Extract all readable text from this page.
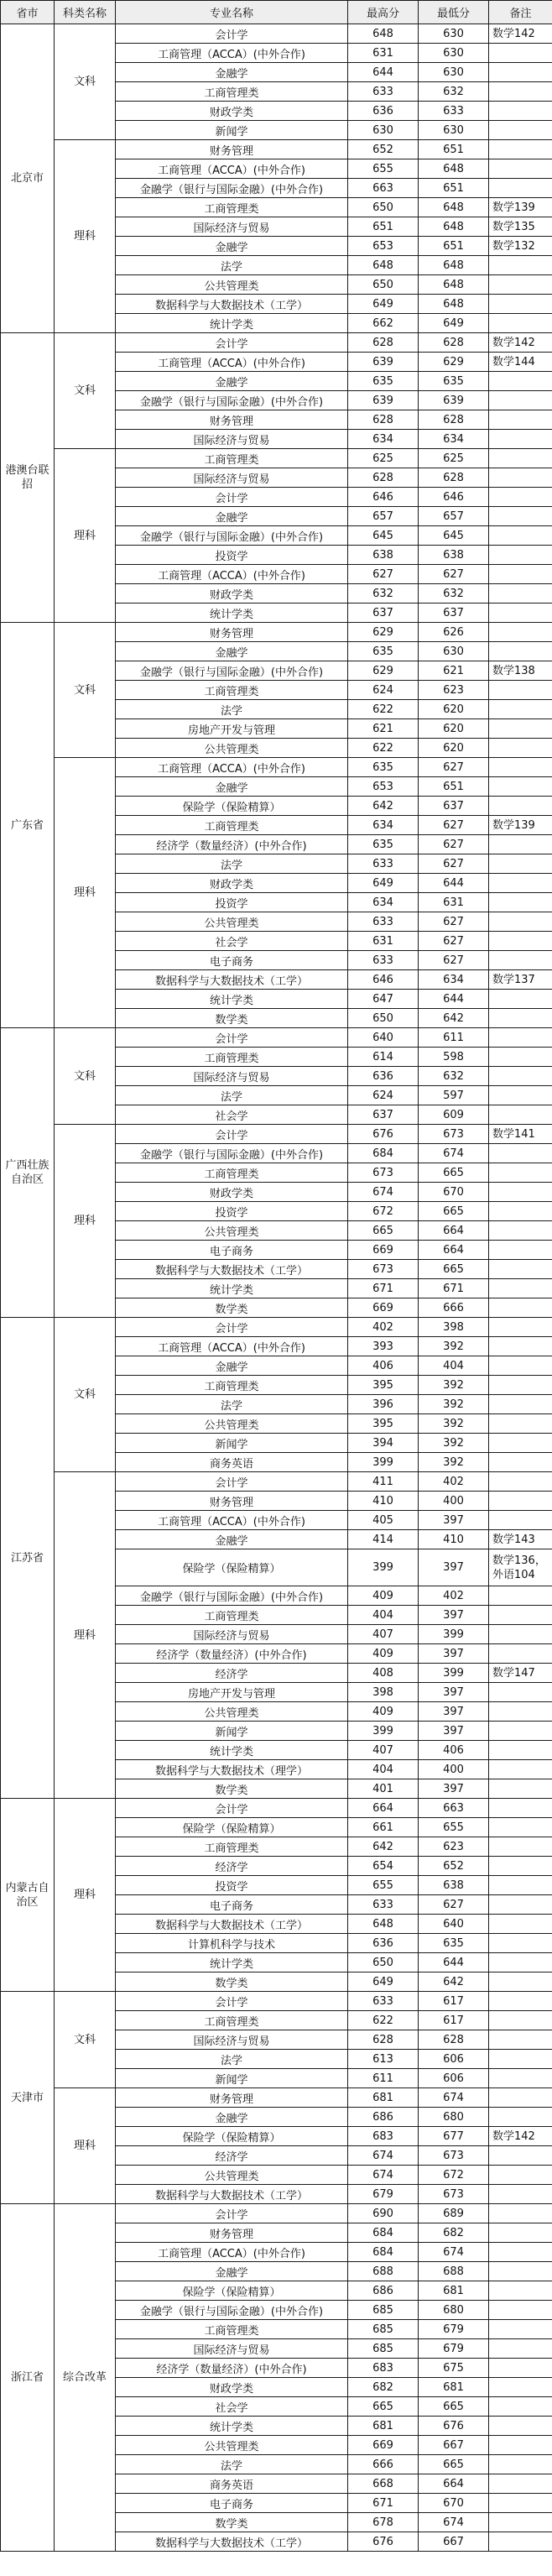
省市	科类名称	专业名称	最高分	最低分	备注
北京市	文科	会计学	648	630	数学142
		工商管理（ACCA）(中外合作)	631	630	
		金融学	644	630	
		工商管理类	633	632	
		财政学类	636	633	
		新闻学	630	630	
	理科	财务管理	652	651	
		工商管理（ACCA）(中外合作)	655	648	
		金融学（银行与国际金融）(中外合作)	663	651	
		工商管理类	650	648	数学139
		国际经济与贸易	651	648	数学135
		金融学	653	651	数学132
		法学	648	648	
		公共管理类	650	648	
		数据科学与大数据技术（工学）	649	648	
		统计学类	662	649	
港澳台联招	文科	会计学	628	628	数学142
		工商管理（ACCA）(中外合作)	639	629	数学144
		金融学	635	635	
		金融学（银行与国际金融）(中外合作)	639	639	
		财务管理	628	628	
		国际经济与贸易	634	634	
	理科	工商管理类	625	625	
		国际经济与贸易	628	628	
		会计学	646	646	
		金融学	657	657	
		金融学（银行与国际金融）(中外合作)	645	645	
		投资学	638	638	
		工商管理（ACCA）(中外合作)	627	627	
		财政学类	632	632	
		统计学类	637	637	
广东省	文科	财务管理	629	626	
		金融学	635	630	
		金融学（银行与国际金融）(中外合作)	629	621	数学138
		工商管理类	624	623	
		法学	622	620	
		房地产开发与管理	621	620	
		公共管理类	622	620	
	理科	工商管理（ACCA）(中外合作)	635	627	
		金融学	653	651	
		保险学（保险精算）	642	637	
		工商管理类	634	627	数学139
		经济学（数量经济）(中外合作)	635	627	
		法学	633	627	
		财政学类	649	644	
		投资学	634	631	
		公共管理类	633	627	
		社会学	631	627	
		电子商务	633	627	
		数据科学与大数据技术（工学）	646	634	数学137
		统计学类	647	644	
		数学类	650	642	
广西壮族自治区	文科	会计学	640	611	
		工商管理类	614	598	
		国际经济与贸易	636	632	
		法学	624	597	
		社会学	637	609	
	理科	会计学	676	673	数学141
		金融学（银行与国际金融）(中外合作)	684	674	
		工商管理类	673	665	
		财政学类	674	670	
		投资学	672	665	
		公共管理类	665	664	
		电子商务	669	664	
		数据科学与大数据技术（工学）	673	665	
		统计学类	671	671	
		数学类	669	666	
江苏省	文科	会计学	402	398	
		工商管理（ACCA）(中外合作)	393	392	
		金融学	406	404	
		工商管理类	395	392	
		法学	396	392	
		公共管理类	395	392	
		新闻学	394	392	
		商务英语	399	392	
	理科	会计学	411	402	
		财务管理	410	400	
		工商管理（ACCA）(中外合作)	405	397	
		金融学	414	410	数学143
		保险学（保险精算）	399	397	数学136，外语104
		金融学（银行与国际金融）(中外合作)	409	402	
		工商管理类	404	397	
		国际经济与贸易	407	399	
		经济学（数量经济）(中外合作)	409	397	
		经济学	408	399	数学147
		房地产开发与管理	398	397	
		公共管理类	409	397	
		新闻学	399	397	
		统计学类	407	406	
		数据科学与大数据技术（理学）	404	400	
		数学类	401	397	
内蒙古自治区	理科	会计学	664	663	
		保险学（保险精算）	661	655	
		工商管理类	642	623	
		经济学	654	652	
		投资学	655	638	
		电子商务	633	627	
		数据科学与大数据技术（工学）	648	640	
		计算机科学与技术	636	635	
		统计学类	650	644	
		数学类	649	642	
天津市	文科	会计学	633	617	
		工商管理类	622	617	
		国际经济与贸易	628	628	
		法学	613	606	
		新闻学	611	606	
	理科	财务管理	681	674	
		金融学	686	680	
		保险学（保险精算）	683	677	数学142
		经济学	674	673	
		公共管理类	674	672	
		数据科学与大数据技术（工学）	679	673	
浙江省	综合改革	会计学	690	689	
		财务管理	684	682	
		工商管理（ACCA）(中外合作)	684	674	
		金融学	688	688	
		保险学（保险精算）	686	681	
		金融学（银行与国际金融）(中外合作)	685	680	
		工商管理类	685	679	
		国际经济与贸易	685	679	
		经济学（数量经济）(中外合作)	683	675	
		财政学类	682	681	
		社会学	665	665	
		统计学类	681	676	
		公共管理类	669	667	
		法学	666	665	
		商务英语	668	664	
		电子商务	671	670	
		数学类	678	674	
		数据科学与大数据技术（工学）	676	667	
